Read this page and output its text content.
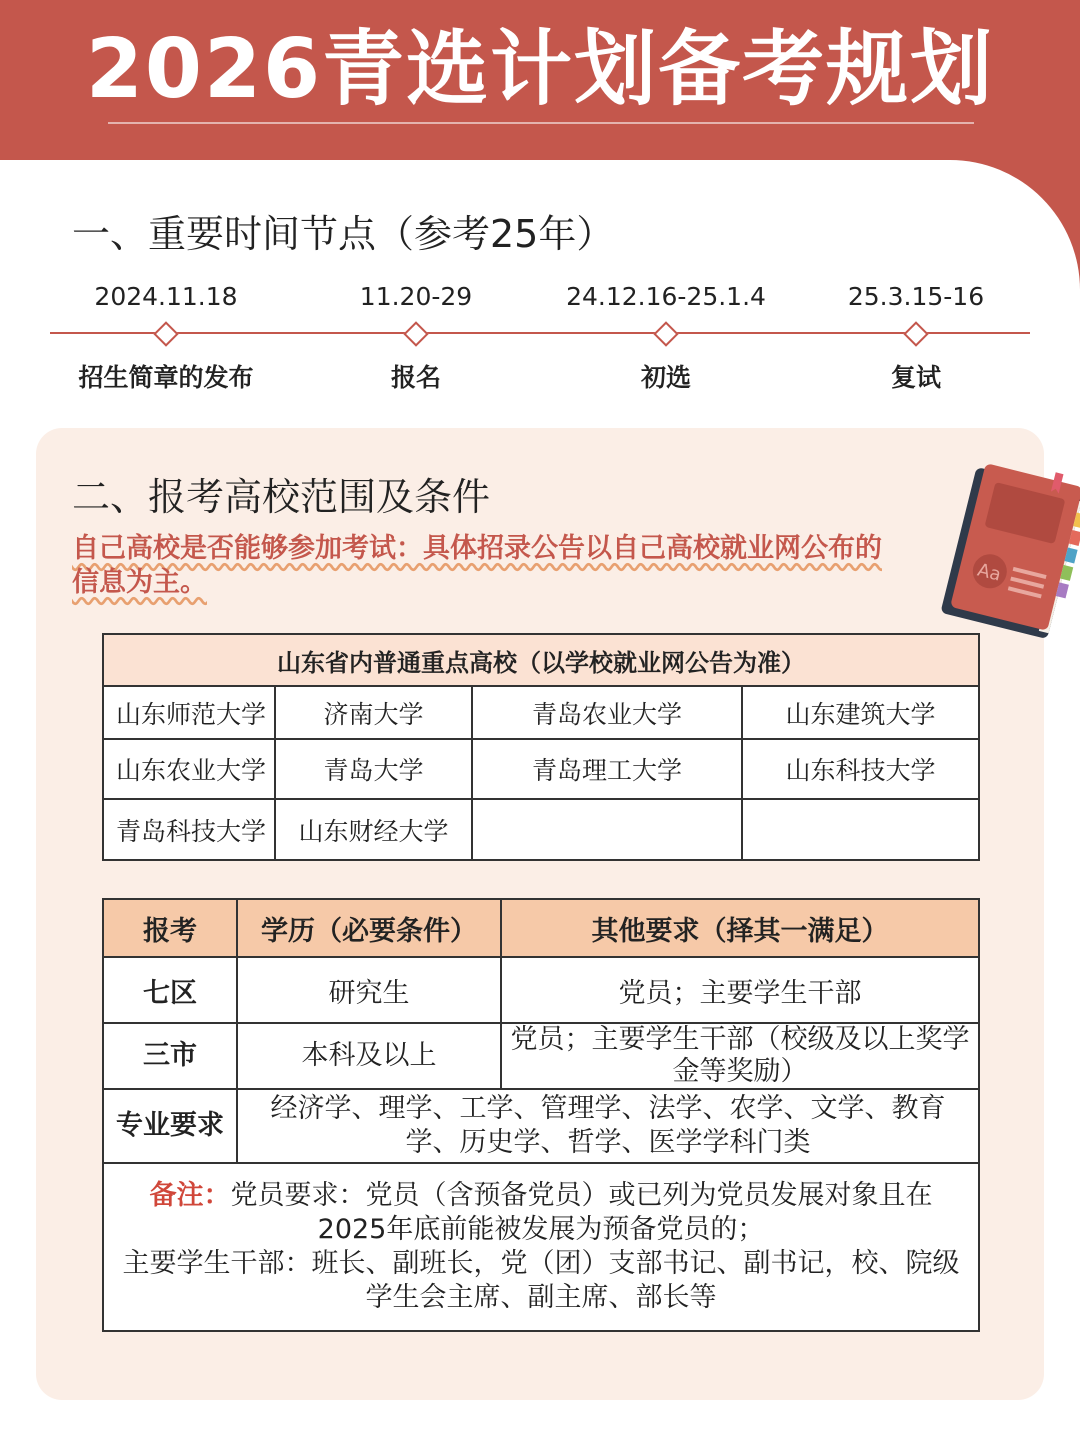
2026青选计划备考规划
一、重要时间节点（参考25年）
2024.11.18
招生简章的发布
11.20-29
报名
24.12.16-25.1.4
初选
25.3.15-16
复试
二、报考高校范围及条件
自己高校是否能够参加考试：具体招录公告以自己高校就业网公布的信息为主。	Aa
山东省内普通重点高校（以学校就业网公告为准）			
山东师范大学	济南大学	青岛农业大学	山东建筑大学
山东农业大学	青岛大学	青岛理工大学	山东科技大学
青岛科技大学	山东财经大学		
报考	学历（必要条件）	其他要求（择其一满足）
七区	研究生	党员；主要学生干部
三市	本科及以上	党员；主要学生干部（校级及以上奖学金等奖励）
专业要求	经济学、理学、工学、管理学、法学、农学、文学、教育学、历史学、哲学、医学学科门类	
备注：党员要求：党员（含预备党员）或已列为党员发展对象且在2025年底前能被发展为预备党员的；
主要学生干部：班长、副班长，党（团）支部书记、副书记，校、院级学生会主席、副主席、部长等		
